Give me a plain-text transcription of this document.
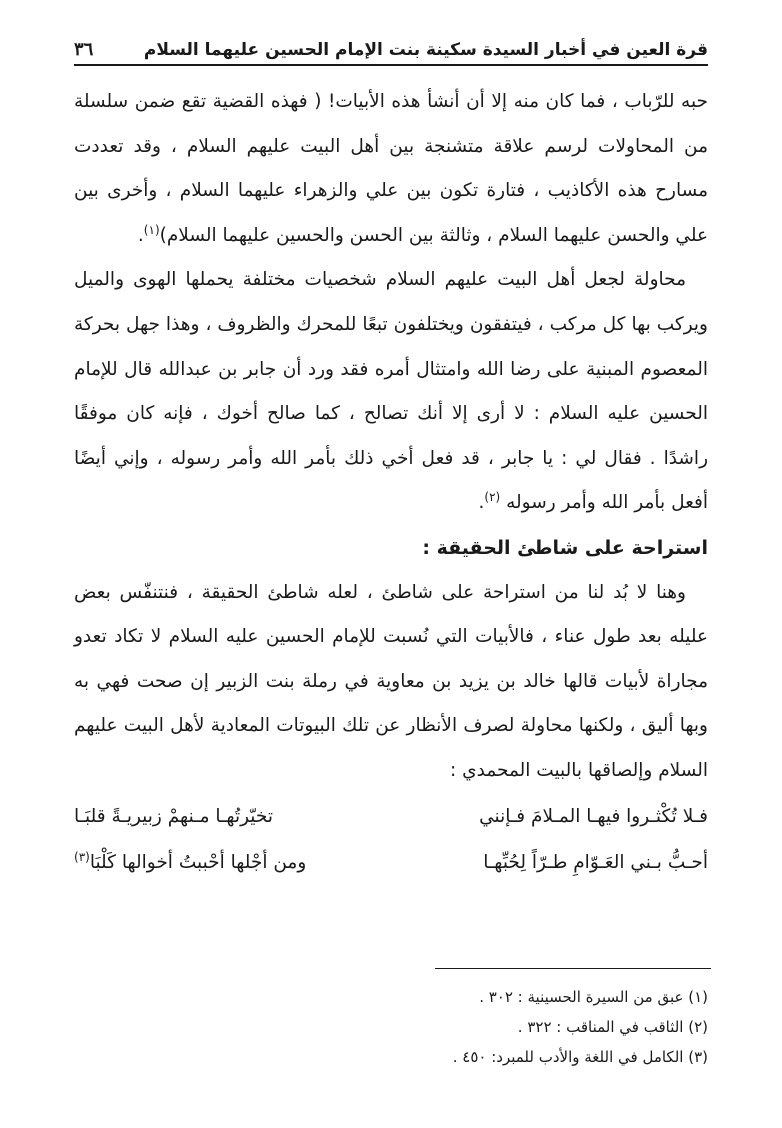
قرة العين في أخبار السيدة سكينة بنت الإمام الحسين عليهما السلام
٣٦

حبه للرّباب ، فما كان منه إلا أن أنشأ هذه الأبيات! ( فهذه القضية تقع ضمن سلسلة من المحاولات لرسم علاقة متشنجة بين أهل البيت عليهم السلام ، وقد تعددت مسارح هذه الأكاذيب ، فتارة تكون بين علي والزهراء عليهما السلام ، وأخرى بين علي والحسن عليهما السلام ، وثالثة بين الحسن والحسين عليهما السلام)$^{(١)}$.

محاولة لجعل أهل البيت عليهم السلام شخصيات مختلفة يحملها الهوى والميل ويركب بها كل مركب ، فيتفقون ويختلفون تبعًا للمحرك والظروف ، وهذا جهل بحركة المعصوم المبنية على رضا الله وامتثال أمره فقد ورد أن جابر بن عبدالله قال للإمام الحسين عليه السلام : لا أرى إلا أنك تصالح ، كما صالح أخوك ، فإنه كان موفقًا راشدًا . فقال لي : يا جابر ، قد فعل أخي ذلك بأمر الله وأمر رسوله ، وإني أيضًا أفعل بأمر الله وأمر رسوله $^{(٢)}$.

استراحة على شاطئ الحقيقة :

وهنا لا بُد لنا من استراحة على شاطئ ، لعله شاطئ الحقيقة ، فنتنفّس بعض عليله بعد طول عناء ، فالأبيات التي نُسبت للإمام الحسين عليه السلام لا تكاد تعدو مجاراة لأبيات قالها خالد بن يزيد بن معاوية في رملة بنت الزبير إن صحت فهي به وبها أليق ، ولكنها محاولة لصرف الأنظار عن تلك البيوتات المعادية لأهل البيت عليهم السلام وإلصاقها بالبيت المحمدي :

فـلا تُكْثـروا فيهـا المـلامَ فـإنني
تخيّرتُهـا مـنهمْ زبيريـةً قلبَـا
أحـبُّ بـني العَـوّامِ طـرّاً لِحُبِّهـا
ومن أجْلها أحْببتُ أخوالها كَلْبَا$^{(٣)}$
(١) عبق من السيرة الحسينية : ٣٠٢ .
(٢) الثاقب في المناقب : ٣٢٢ .
(٣) الكامل في اللغة والأدب للمبرد: ٤٥٠ .
